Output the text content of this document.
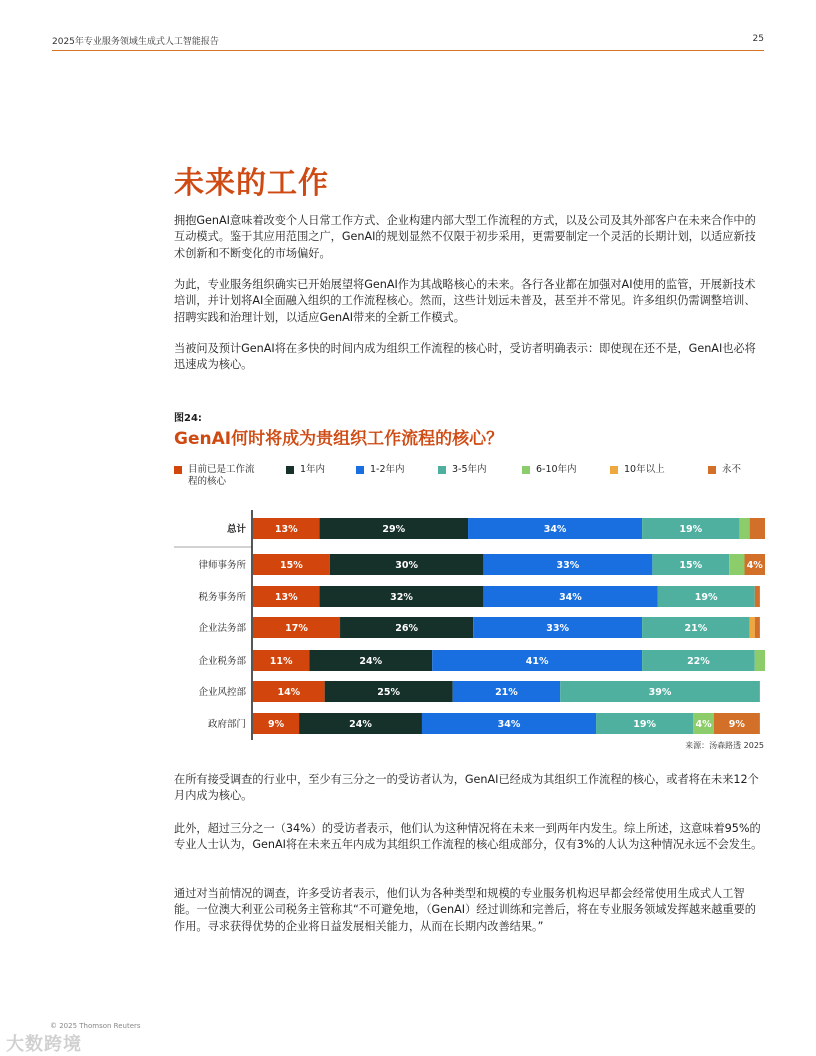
2025年专业服务领域生成式人工智能报告	25
未来的工作

拥抱GenAI意味着改变个人日常工作方式、企业构建内部大型工作流程的方式，以及公司及其外部客户在未来合作中的互动模式。鉴于其应用范围之广，GenAI的规划显然不仅限于初步采用，更需要制定一个灵活的长期计划，以适应新技术创新和不断变化的市场偏好。

为此，专业服务组织确实已开始展望将GenAI作为其战略核心的未来。各行各业都在加强对AI使用的监管，开展新技术培训，并计划将AI全面融入组织的工作流程核心。然而，这些计划远未普及，甚至并不常见。许多组织仍需调整培训、招聘实践和治理计划，以适应GenAI带来的全新工作模式。

当被问及预计GenAI将在多快的时间内成为组织工作流程的核心时，受访者明确表示：即使现在还不是，GenAI也必将迅速成为核心。

图24:
GenAI何时将成为贵组织工作流程的核心？
目前已是工作流程的核心
1年内	1-2年内	3-5年内	6-10年内	10年以上	永不
总计	13%	29%	34%	19%
律师事务所	15%	30%	33%	15%	4%
税务事务所	13%	32%	34%	19%
企业法务部	17%	26%	33%	21%
企业税务部	11%	24%	41%	22%
企业风控部	14%	25%	21%	39%
政府部门 9%	24%	34%	19%	4% 9%
来源：汤森路透 2025

在所有接受调查的行业中，至少有三分之一的受访者认为，GenAI已经成为其组织工作流程的核心，或者将在未来12个月内成为核心。

此外，超过三分之一（34%）的受访者表示，他们认为这种情况将在未来一到两年内发生。综上所述，这意味着95%的专业人士认为，GenAI将在未来五年内成为其组织工作流程的核心组成部分，仅有3%的人认为这种情况永远不会发生。

通过对当前情况的调查，许多受访者表示，他们认为各种类型和规模的专业服务机构迟早都会经常使用生成式人工智能。一位澳大利亚公司税务主管称其“不可避免地，（GenAI）经过训练和完善后，将在专业服务领域发挥越来越重要的作用。寻求获得优势的企业将日益发展相关能力，从而在长期内改善结果。”

© 2025 Thomson Reuters
大数跨境
